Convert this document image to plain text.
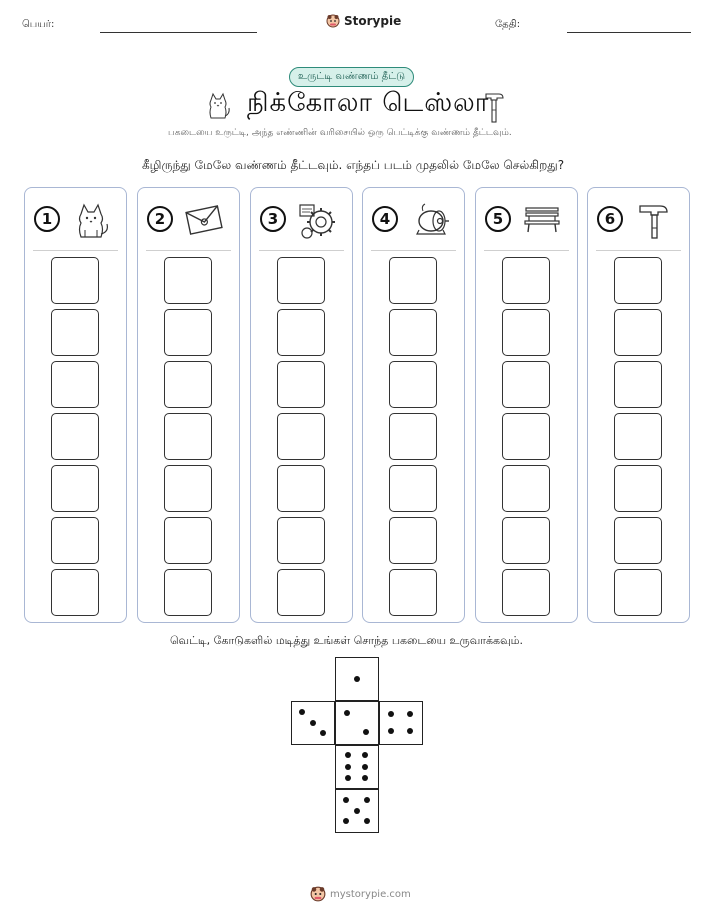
பெயர்:	Storypie	தேதி:
உருட்டி வண்ணம் தீட்டு
நிக்கோலா டெஸ்லா
பகடையை உருட்டி, அந்த எண்ணின் வரிசையில் ஒரு பெட்டிக்கு வண்ணம் தீட்டவும்.
கீழிருந்து மேலே வண்ணம் தீட்டவும். எந்தப் படம் முதலில் மேலே செல்கிறது?
1	2	3	4	5	6
வெட்டி, கோடுகளில் மடித்து உங்கள் சொந்த பகடையை உருவாக்கவும்.
mystorypie.com
